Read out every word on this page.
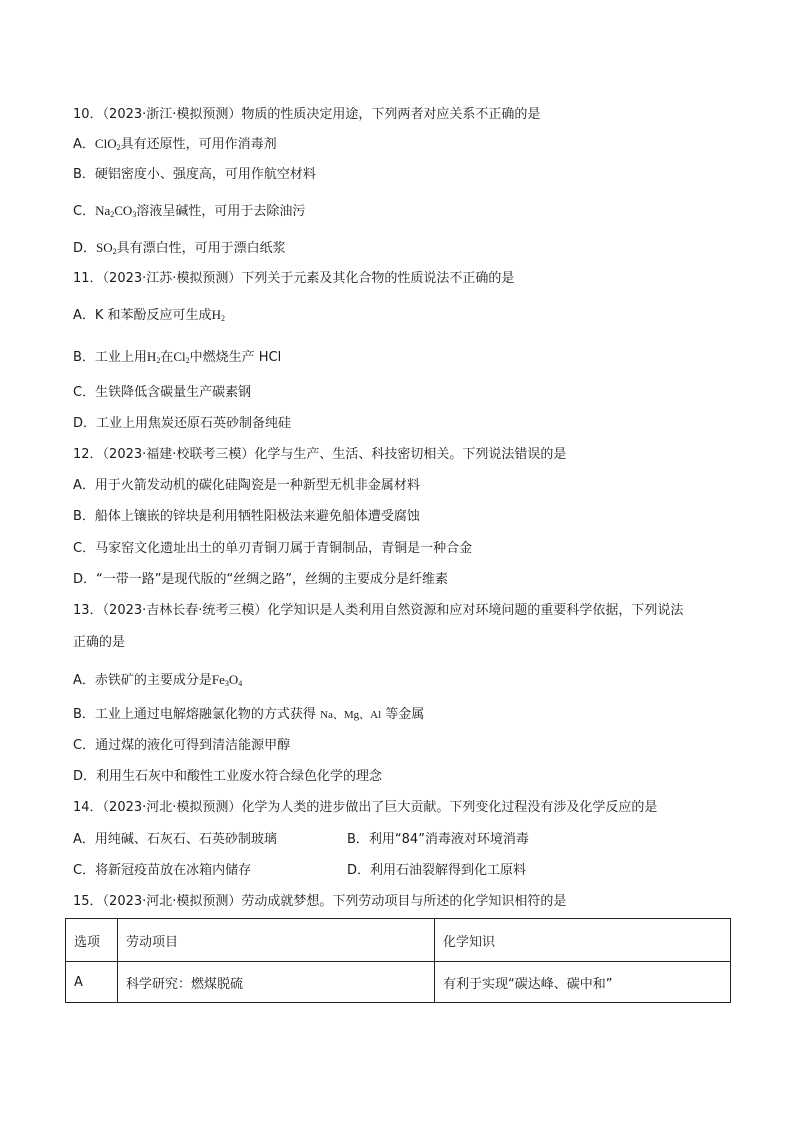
10．（2023·浙江·模拟预测）物质的性质决定用途，下列两者对应关系不正确的是
A．ClO$_2$具有还原性，可用作消毒剂
B．硬铝密度小、强度高，可用作航空材料
C．$Na_2CO_3$溶液呈碱性，可用于去除油污
D．$SO_2$具有漂白性，可用于漂白纸浆
11．（2023·江苏·模拟预测）下列关于元素及其化合物的性质说法不正确的是
A．K 和苯酚反应可生成$H_2$
B．工业上用$H_2$在$Cl_2$中燃烧生产 HCl
C．生铁降低含碳量生产碳素钢
D．工业上用焦炭还原石英砂制备纯硅
12．（2023·福建·校联考三模）化学与生产、生活、科技密切相关。下列说法错误的是
A．用于火箭发动机的碳化硅陶瓷是一种新型无机非金属材料
B．船体上镶嵌的锌块是利用牺牲阳极法来避免船体遭受腐蚀
C．马家窑文化遗址出土的单刃青铜刀属于青铜制品，青铜是一种合金
D．“一带一路”是现代版的“丝绸之路”，丝绸的主要成分是纤维素
13．（2023·吉林长春·统考三模）化学知识是人类利用自然资源和应对环境问题的重要科学依据，下列说法
正确的是
A．赤铁矿的主要成分是$Fe_3O_4$
B．工业上通过电解熔融氯化物的方式获得 Na、Mg、Al 等金属
C．通过煤的液化可得到清洁能源甲醇
D．利用生石灰中和酸性工业废水符合绿色化学的理念
14．（2023·河北·模拟预测）化学为人类的进步做出了巨大贡献。下列变化过程没有涉及化学反应的是
A．用纯碱、石灰石、石英砂制玻璃	B．利用“84”消毒液对环境消毒
C．将新冠疫苗放在冰箱内储存	D．利用石油裂解得到化工原料
15．（2023·河北·模拟预测）劳动成就梦想。下列劳动项目与所述的化学知识相符的是
选项	劳动项目	化学知识
A	科学研究：燃煤脱硫	有利于实现“碳达峰、碳中和”
